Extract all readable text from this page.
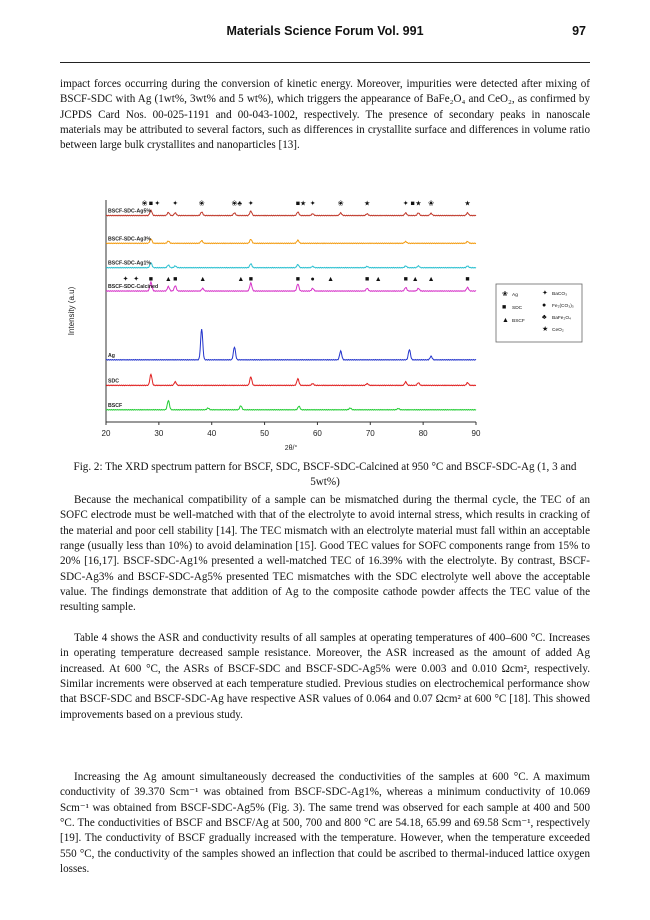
Materials Science Forum Vol. 991	97

impact forces occurring during the conversion of kinetic energy. Moreover, impurities were detected after mixing of BSCF-SDC with Ag (1wt%, 3wt% and 5 wt%), which triggers the appearance of BaFe₂O₄ and CeO₂, as confirmed by JCPDS Card Nos. 00-025-1191 and 00-043-1002, respectively. The presence of secondary peaks in nanoscale materials may be attributed to several factors, such as differences in crystallite surface and differences in volume ratio between large bulk crystallites and nanoparticles [13].

20	30	40	50	60	70	80	90
2θ/°
Intensity (a.u)
BSCF-SDC-Ag5%
BSCF-SDC-Ag3%
BSCF-SDC-Ag1%
BSCF-SDC-Calcined
Ag
SDC
BSCF
❀ ■ ✦ ✦	❀	❀ ♣ ✦	■ ★ ✦	❀	★	✦ ■ ★ ❀	★
✦ ✦ ■ ▲ ■	▲	▲ ■	■ ● ▲	■ ▲	■ ▲ ▲	■
❀ Ag
■ SDC
▲ BSCF
✦ BaCO₃
● Fe₂(CO₃)₃
♣ BaFe₂O₄
★ CeO₂

Fig. 2: The XRD spectrum pattern for BSCF, SDC, BSCF-SDC-Calcined at 950 °C and BSCF-SDC-Ag (1, 3 and 5wt%)

Because the mechanical compatibility of a sample can be mismatched during the thermal cycle, the TEC of an SOFC electrode must be well-matched with that of the electrolyte to avoid internal stress, which results in cracking of the material and poor cell stability [14]. The TEC mismatch with an electrolyte material must fall within an acceptable range (usually less than 10%) to avoid delamination [15]. Good TEC values for SOFC components range from 15% to 20% [16,17]. BSCF-SDC-Ag1% presented a well-matched TEC of 16.39% with the electrolyte. By contrast, BSCF-SDC-Ag3% and BSCF-SDC-Ag5% presented TEC mismatches with the SDC electrolyte well above the acceptable value. The findings demonstrate that addition of Ag to the composite cathode powder affects the TEC value of the resulting sample.

Table 4 shows the ASR and conductivity results of all samples at operating temperatures of 400–600 °C. Increases in operating temperature decreased sample resistance. Moreover, the ASR increased as the amount of added Ag increased. At 600 °C, the ASRs of BSCF-SDC and BSCF-SDC-Ag5% were 0.003 and 0.010 Ωcm², respectively. Similar increments were observed at each temperature studied. Previous studies on electrochemical performance show that BSCF-SDC and BSCF-SDC-Ag have respective ASR values of 0.064 and 0.07 Ωcm² at 600 °C [18]. This showed improvements based on a previous study.

Increasing the Ag amount simultaneously decreased the conductivities of the samples at 600 °C. A maximum conductivity of 39.370 Scm⁻¹ was obtained from BSCF-SDC-Ag1%, whereas a minimum conductivity of 10.069 Scm⁻¹ was obtained from BSCF-SDC-Ag5% (Fig. 3). The same trend was observed for each sample at 400 and 500 °C. The conductivities of BSCF and BSCF/Ag at 500, 700 and 800 °C are 54.18, 65.99 and 69.58 Scm⁻¹, respectively [19]. The conductivity of BSCF gradually increased with the temperature. However, when the temperature exceeded 550 °C, the conductivity of the samples showed an inflection that could be ascribed to thermal-induced lattice oxygen losses.
